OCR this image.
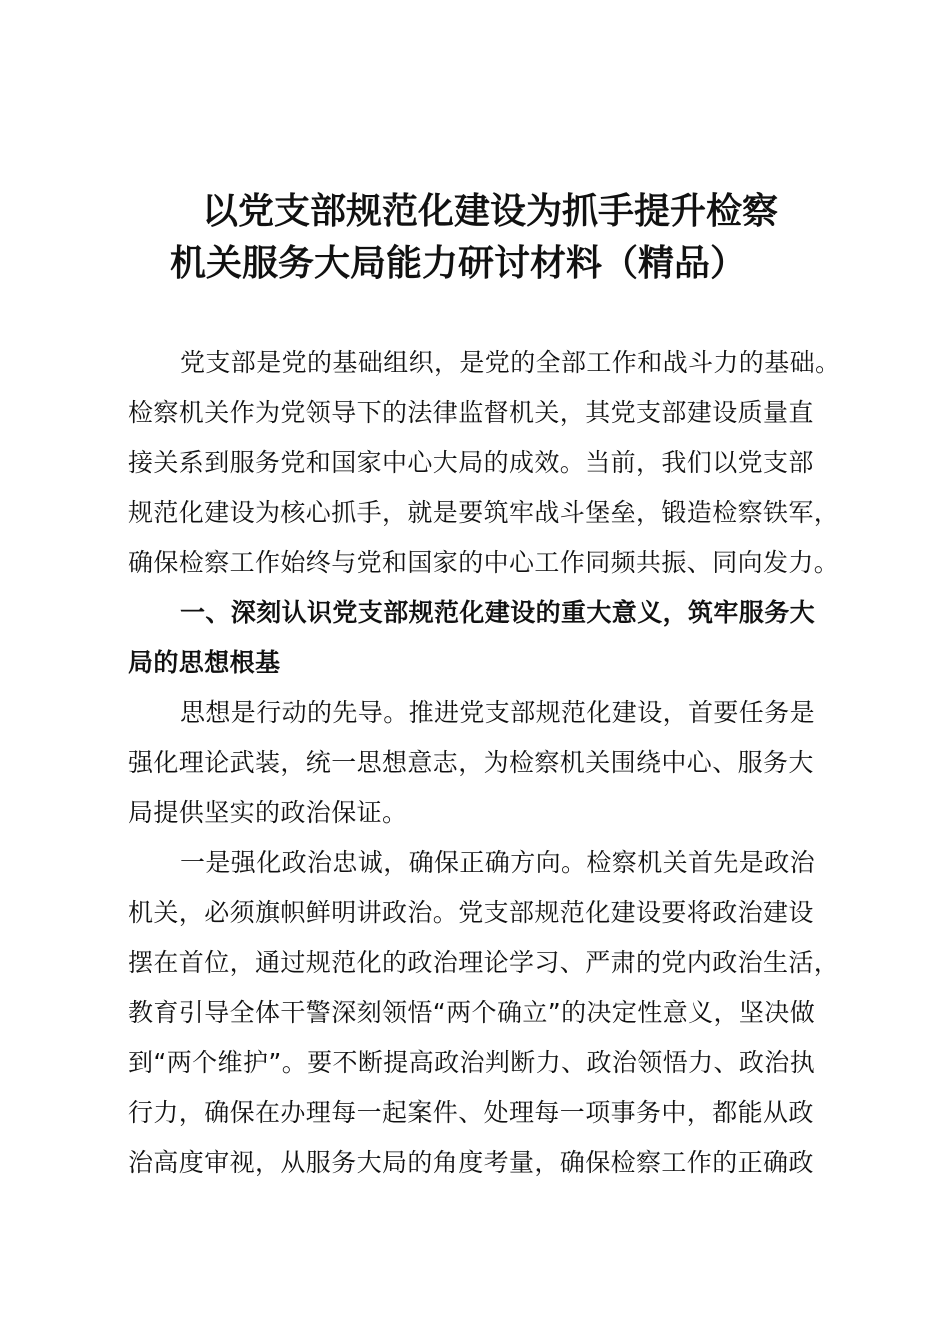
以党支部规范化建设为抓手提升检察
机关服务大局能力研讨材料（精品）
党支部是党的基础组织，是党的全部工作和战斗力的基础。
检察机关作为党领导下的法律监督机关，其党支部建设质量直
接关系到服务党和国家中心大局的成效。当前，我们以党支部
规范化建设为核心抓手，就是要筑牢战斗堡垒，锻造检察铁军，
确保检察工作始终与党和国家的中心工作同频共振、同向发力。
一、深刻认识党支部规范化建设的重大意义，筑牢服务大
局的思想根基
思想是行动的先导。推进党支部规范化建设，首要任务是
强化理论武装，统一思想意志，为检察机关围绕中心、服务大
局提供坚实的政治保证。
一是强化政治忠诚，确保正确方向。检察机关首先是政治
机关，必须旗帜鲜明讲政治。党支部规范化建设要将政治建设
摆在首位，通过规范化的政治理论学习、严肃的党内政治生活，
教育引导全体干警深刻领悟“两个确立”的决定性意义，坚决做
到“两个维护”。要不断提高政治判断力、政治领悟力、政治执
行力，确保在办理每一起案件、处理每一项事务中，都能从政
治高度审视，从服务大局的角度考量，确保检察工作的正确政
